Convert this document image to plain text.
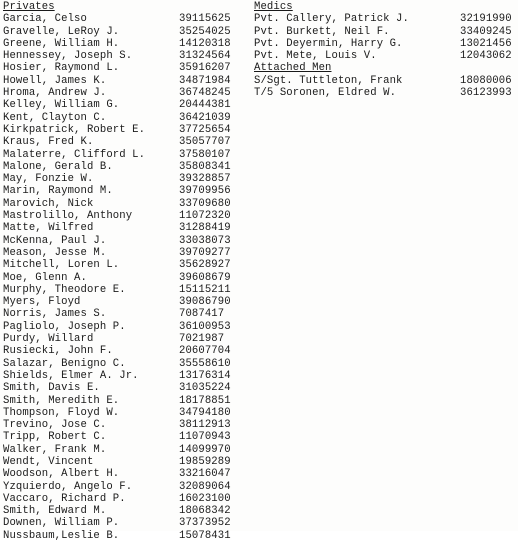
Privates
Garcia, Celso	39115625
Gravelle, LeRoy J.	35254025
Greene, William H.	14120318
Hennessey, Joseph S.	31324564
Hosier, Raymond L.	35916207
Howell, James K.	34871984
Hroma, Andrew J.	36748245
Kelley, William G.	20444381
Kent, Clayton C.	36421039
Kirkpatrick, Robert E.	37725654
Kraus, Fred K.	35057707
Malaterre, Clifford L.	37580107
Malone, Gerald B.	35808341
May, Fonzie W.	39328857
Marin, Raymond M.	39709956
Marovich, Nick	33709680
Mastrolillo, Anthony	11072320
Matte, Wilfred	31288419
McKenna, Paul J.	33038073
Meason, Jesse M.	39709277
Mitchell, Loren L.	35628927
Moe, Glenn A.	39608679
Murphy, Theodore E.	15115211
Myers, Floyd	39086790
Norris, James S.	7087417
Pagliolo, Joseph P.	36100953
Purdy, Willard	7021987
Rusiecki, John F.	20607704
Salazar, Benigno C.	35558610
Shields, Elmer A. Jr.	13176314
Smith, Davis E.	31035224
Smith, Meredith E.	18178851
Thompson, Floyd W.	34794180
Trevino, Jose C.	38112913
Tripp, Robert C.	11070943
Walker, Frank M.	14099970
Wendt, Vincent	19859289
Woodson, Albert H.	33216047
Yzquierdo, Angelo F.	32089064
Vaccaro, Richard P.	16023100
Smith, Edward M.	18068342
Downen, William P.	37373952
Nussbaum,Leslie B.	15078431
Medics
Pvt. Callery, Patrick J.	32191990
Pvt. Burkett, Neil F.	33409245
Pvt. Deyermin, Harry G.	13021456
Pvt. Mete, Louis V.	12043062
Attached Men
S/Sgt. Tuttleton, Frank	18080006
T/5 Soronen, Eldred W.	36123993
